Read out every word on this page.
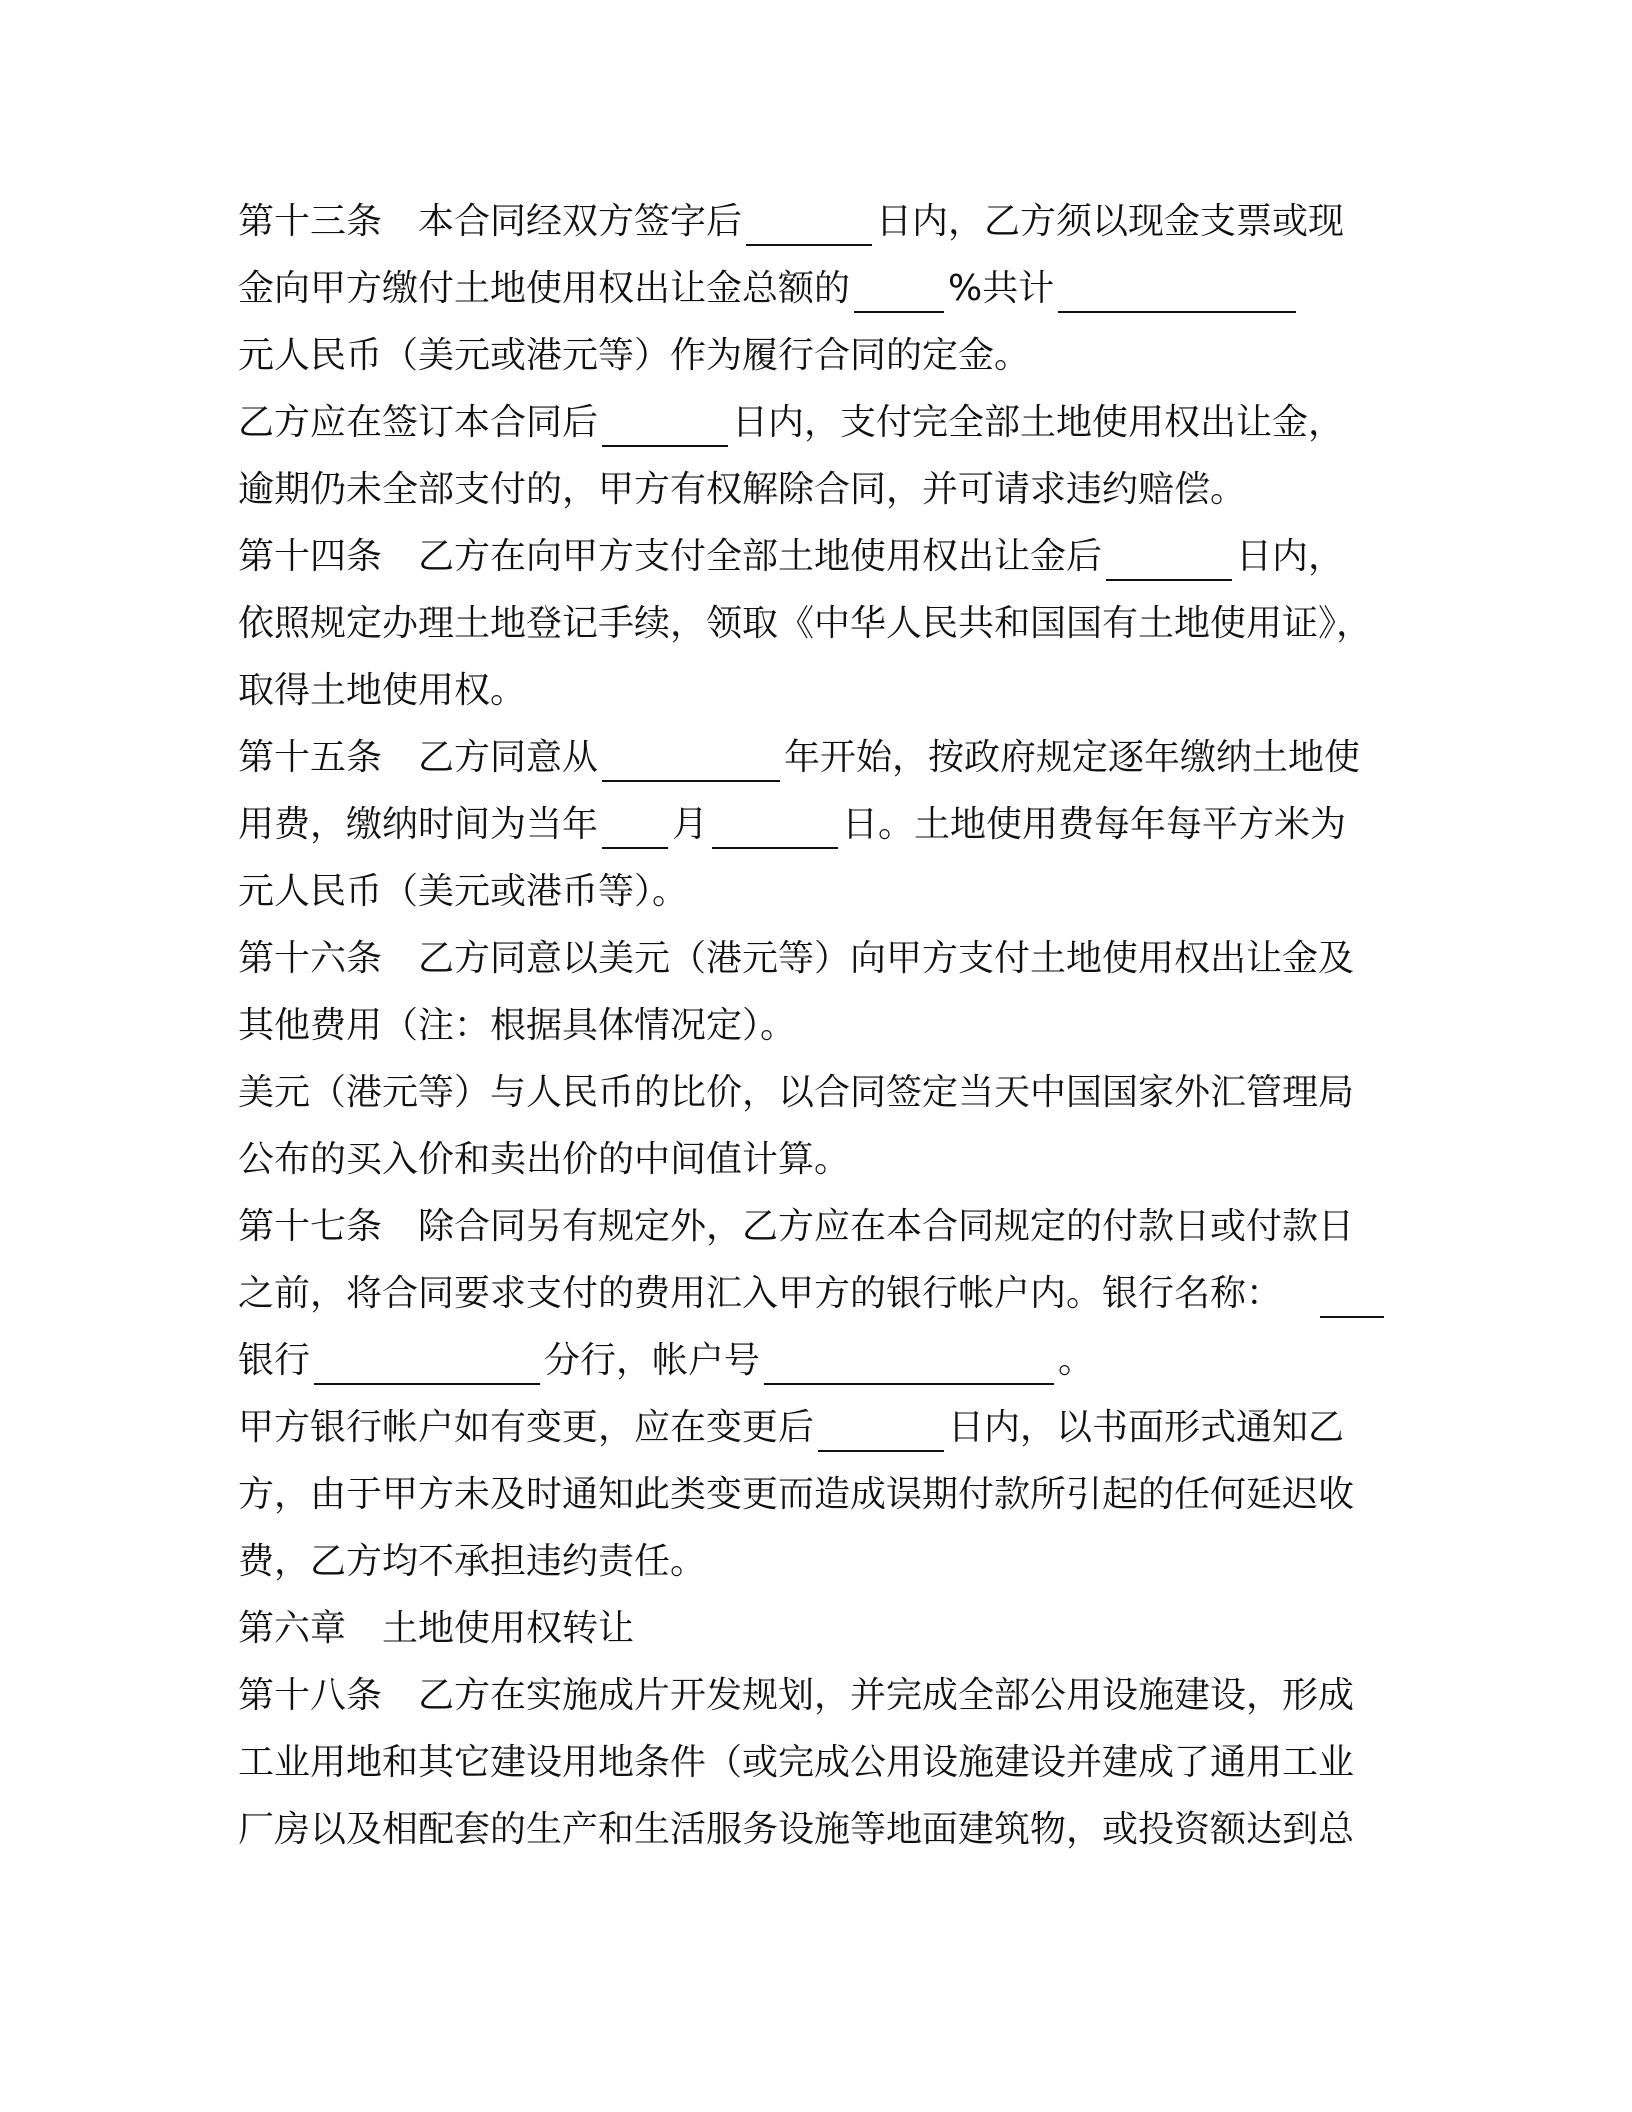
第十三条 本合同经双方签字后	日内，乙方须以现金支票或现
金向甲方缴付土地使用权出让金总额的	%共计
元人民币（美元或港元等）作为履行合同的定金。
乙方应在签订本合同后	日内，支付完全部土地使用权出让金，
逾期仍未全部支付的，甲方有权解除合同，并可请求违约赔偿。
第十四条 乙方在向甲方支付全部土地使用权出让金后	日内，
依照规定办理土地登记手续，领取《中华人民共和国国有土地使用证》，
取得土地使用权。
第十五条 乙方同意从	年开始，按政府规定逐年缴纳土地使
用费，缴纳时间为当年 月	日。土地使用费每年每平方米为
元人民币（美元或港币等）。
第十六条 乙方同意以美元（港元等）向甲方支付土地使用权出让金及
其他费用（注：根据具体情况定）。
美元（港元等）与人民币的比价，以合同签定当天中国国家外汇管理局
公布的买入价和卖出价的中间值计算。
第十七条 除合同另有规定外，乙方应在本合同规定的付款日或付款日
之前，将合同要求支付的费用汇入甲方的银行帐户内。银行名称：
银行	分行，帐户号	。
甲方银行帐户如有变更，应在变更后	日内，以书面形式通知乙
方，由于甲方未及时通知此类变更而造成误期付款所引起的任何延迟收
费，乙方均不承担违约责任。
第六章 土地使用权转让
第十八条 乙方在实施成片开发规划，并完成全部公用设施建设，形成
工业用地和其它建设用地条件（或完成公用设施建设并建成了通用工业
厂房以及相配套的生产和生活服务设施等地面建筑物，或投资额达到总
